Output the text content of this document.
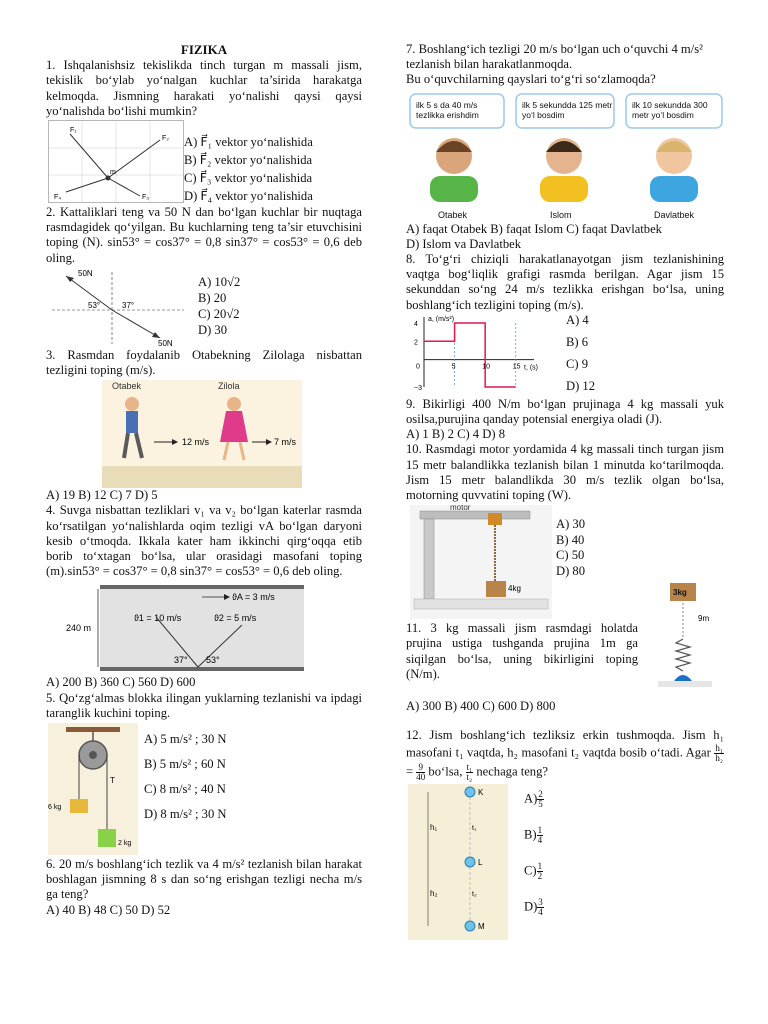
FIZIKA

1. Ishqalanishsiz tekislikda tinch turgan m massali jism, tekislik bo‘ylab yo‘nalgan kuchlar ta’sirida harakatga kelmoqda. Jismning harakati yo‘nalishi qaysi qaysi yo‘nalishda bo‘lishi mumkin?

F₁
F₂
F₄	F₃
m
A) F⃗₁ vektor yo‘nalishida
B) F⃗₂ vektor yo‘nalishida
C) F⃗₃ vektor yo‘nalishida
D) F⃗₄ vektor yo‘nalishida

2. Kattaliklari teng va 50 N dan bo‘lgan kuchlar bir nuqtaga rasmdagidek qo‘yilgan. Bu kuchlarning teng ta’sir etuvchisini toping (N). sin53° = cos37° = 0,8 sin37° = cos53° = 0,6 deb oling.

50N
50N
53°	37°
A) 10√2
B) 20
C) 20√2
D) 30

3. Rasmdan foydalanib Otabekning Zilolaga nisbattan tezligini toping (m/s).

Otabek	Zilola
12 m/s	7 m/s

A) 19 B) 12 C) 7 D) 5

4. Suvga nisbattan tezliklari v₁ va v₂ bo‘lgan katerlar rasmda ko‘rsatilgan yo‘nalishlarda oqim tezligi vA bo‘lgan daryoni kesib o‘tmoqda. Ikkala kater ham ikkinchi qirg‘oqqa etib borib to‘xtagan bo‘lsa, ular orasidagi masofani toping (m).sin53° = cos37° = 0,8 sin37° = cos53° = 0,6 deb oling.

240 m
ϑA = 3 m/s
ϑ1 = 10 m/s	ϑ2 = 5 m/s
37° 53°

A) 200 B) 360 C) 560 D) 600

5. Qo‘zg‘almas blokka ilingan yuklarning tezlanishi va ipdagi taranglik kuchini toping.

T
6 kg
2 kg
A) 5 m/s² ; 30 N
B) 5 m/s² ; 60 N
C) 8 m/s² ; 40 N
D) 8 m/s² ; 30 N

6. 20 m/s boshlang‘ich tezlik va 4 m/s² tezlanish bilan harakat boshlagan jismning 8 s dan so‘ng erishgan tezligi necha m/s ga teng?

A) 40 B) 48 C) 50 D) 52

7. Boshlang‘ich tezligi 20 m/s bo‘lgan uch o‘quvchi 4 m/s² tezlanish bilan harakatlanmoqda.

Bu o‘quvchilarning qayslari to‘g‘ri so‘zlamoqda?

ilk 5 s da 40 m/s tezlikka erishdim
ilk 5 sekundda 125 metr yo‘l bosdim
ilk 10 sekundda 300 metr yo‘l bosdim
Otabek	Islom	Davlatbek

A) faqat Otabek B) faqat Islom C) faqat Davlatbek

D) Islom va Davlatbek

8. To‘g‘ri chiziqli harakatlanayotgan jism tezlanishining vaqtga bog‘liqlik grafigi rasmda berilgan. Agar jism 15 sekunddan so‘ng 24 m/s tezlikka erishgan bo‘lsa, uning boshlang‘ich tezligini toping (m/s).

a, (m/s²)
t, (s)
0	5	10	15
4
2
−3
A) 4
B) 6
C) 9
D) 12

9. Bikirligi 400 N/m bo‘lgan prujinaga 4 kg massali yuk osilsa,purujina qanday potensial energiya oladi (J).

A) 1 B) 2 C) 4 D) 8

10. Rasmdagi motor yordamida 4 kg massali tinch turgan jism 15 metr balandlikka tezlanish bilan 1 minutda ko‘tarilmoqda. Jism 15 metr balandlikda 30 m/s tezlik olgan bo‘lsa, motorning quvvatini toping (W).

motor
4kg
A) 30
B) 40
C) 50
D) 80

11. 3 kg massali jism rasmdagi holatda prujina ustiga tushganda prujina 1m ga siqilgan bo‘lsa, uning bikirligini toping (N/m).

3kg
9m

A) 300 B) 400 C) 600 D) 800

12. Jism boshlang‘ich tezliksiz erkin tushmoqda. Jism h₁ masofani t₁ vaqtda, h₂ masofani t₂ vaqtda bosib o‘tadi. Agar $\frac{\text{h₁}}{\text{h₂}}$
= $\frac{9}{40}$ bo‘lsa, $\frac{\text{t₁}}{\text{t₂}}$ nechaga teng?

K
L
M
h₁
h₂
t₁
t₂
$A) \frac{2}{5}$
$B) \frac{1}{4}$
$C) \frac{1}{2}$
$D) \frac{3}{4}$
